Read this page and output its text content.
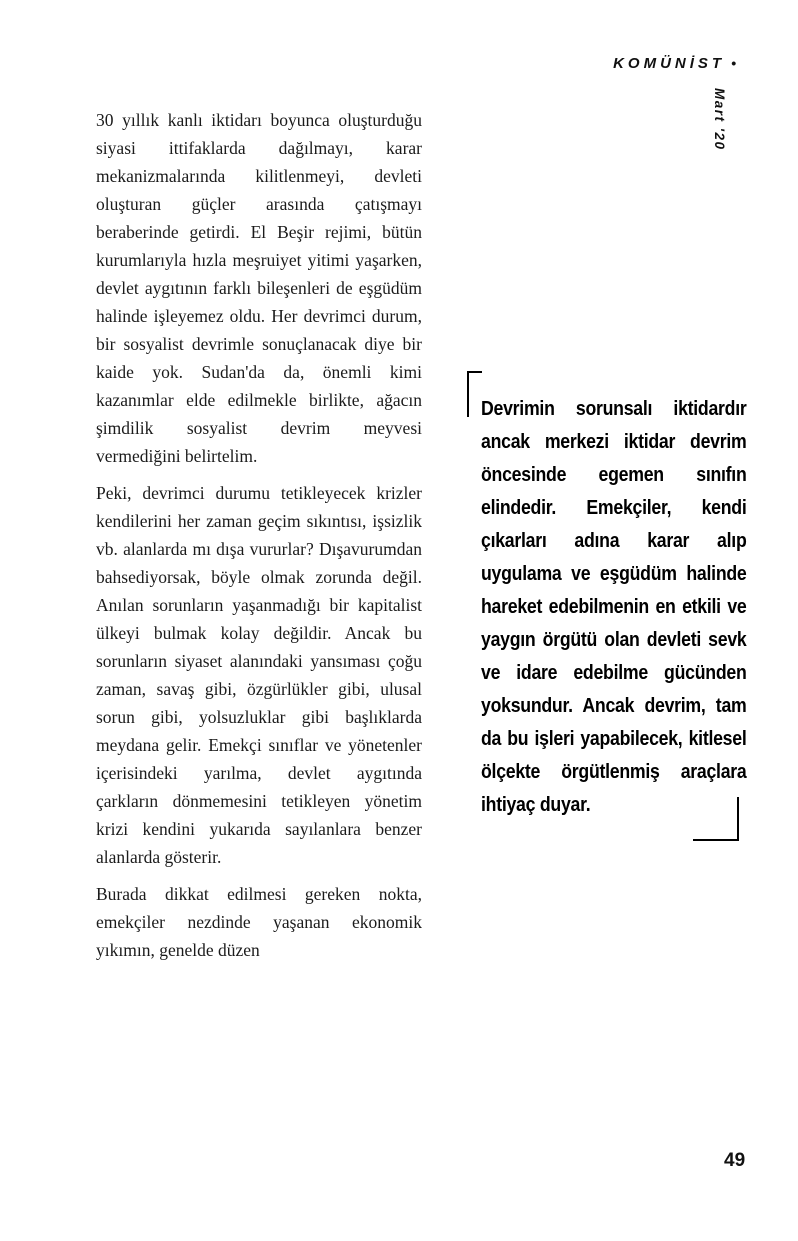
KOMÜNİST •
Mart '20

30 yıllık kanlı iktidarı boyunca oluşturduğu siyasi ittifaklarda dağılmayı, karar mekanizmalarında kilitlenmeyi, devleti oluşturan güçler arasında çatışmayı beraberinde getirdi. El Beşir rejimi, bütün kurumlarıyla hızla meşruiyet yitimi yaşarken, devlet aygıtının farklı bileşenleri de eşgüdüm halinde işleyemez oldu. Her devrimci durum, bir sosyalist devrimle sonuçlanacak diye bir kaide yok. Sudan'da da, önemli kimi kazanımlar elde edilmekle birlikte, ağacın şimdilik sosyalist devrim meyvesi vermediğini belirtelim.

Peki, devrimci durumu tetikleyecek krizler kendilerini her zaman geçim sıkıntısı, işsizlik vb. alanlarda mı dışa vururlar? Dışavurumdan bahsediyorsak, böyle olmak zorunda değil. Anılan sorunların yaşanmadığı bir kapitalist ülkeyi bulmak kolay değildir. Ancak bu sorunların siyaset alanındaki yansıması çoğu zaman, savaş gibi, özgürlükler gibi, ulusal sorun gibi, yolsuzluklar gibi başlıklarda meydana gelir. Emekçi sınıflar ve yönetenler içerisindeki yarılma, devlet aygıtında çarkların dönmemesini tetikleyen yönetim krizi kendini yukarıda sayılanlara benzer alanlarda gösterir.

Burada dikkat edilmesi gereken nokta, emekçiler nezdinde yaşanan ekonomik yıkımın, genelde düzen

Devrimin sorunsalı iktidardır ancak merkezi iktidar devrim öncesinde egemen sınıfın elindedir. Emekçiler, kendi çıkarları adına karar alıp uygulama ve eşgüdüm halinde hareket edebilmenin en etkili ve yaygın örgütü olan devleti sevk ve idare edebilme gücünden yoksundur. Ancak devrim, tam da bu işleri yapabilecek, kitlesel ölçekte örgütlenmiş araçlara ihtiyaç duyar.
49
